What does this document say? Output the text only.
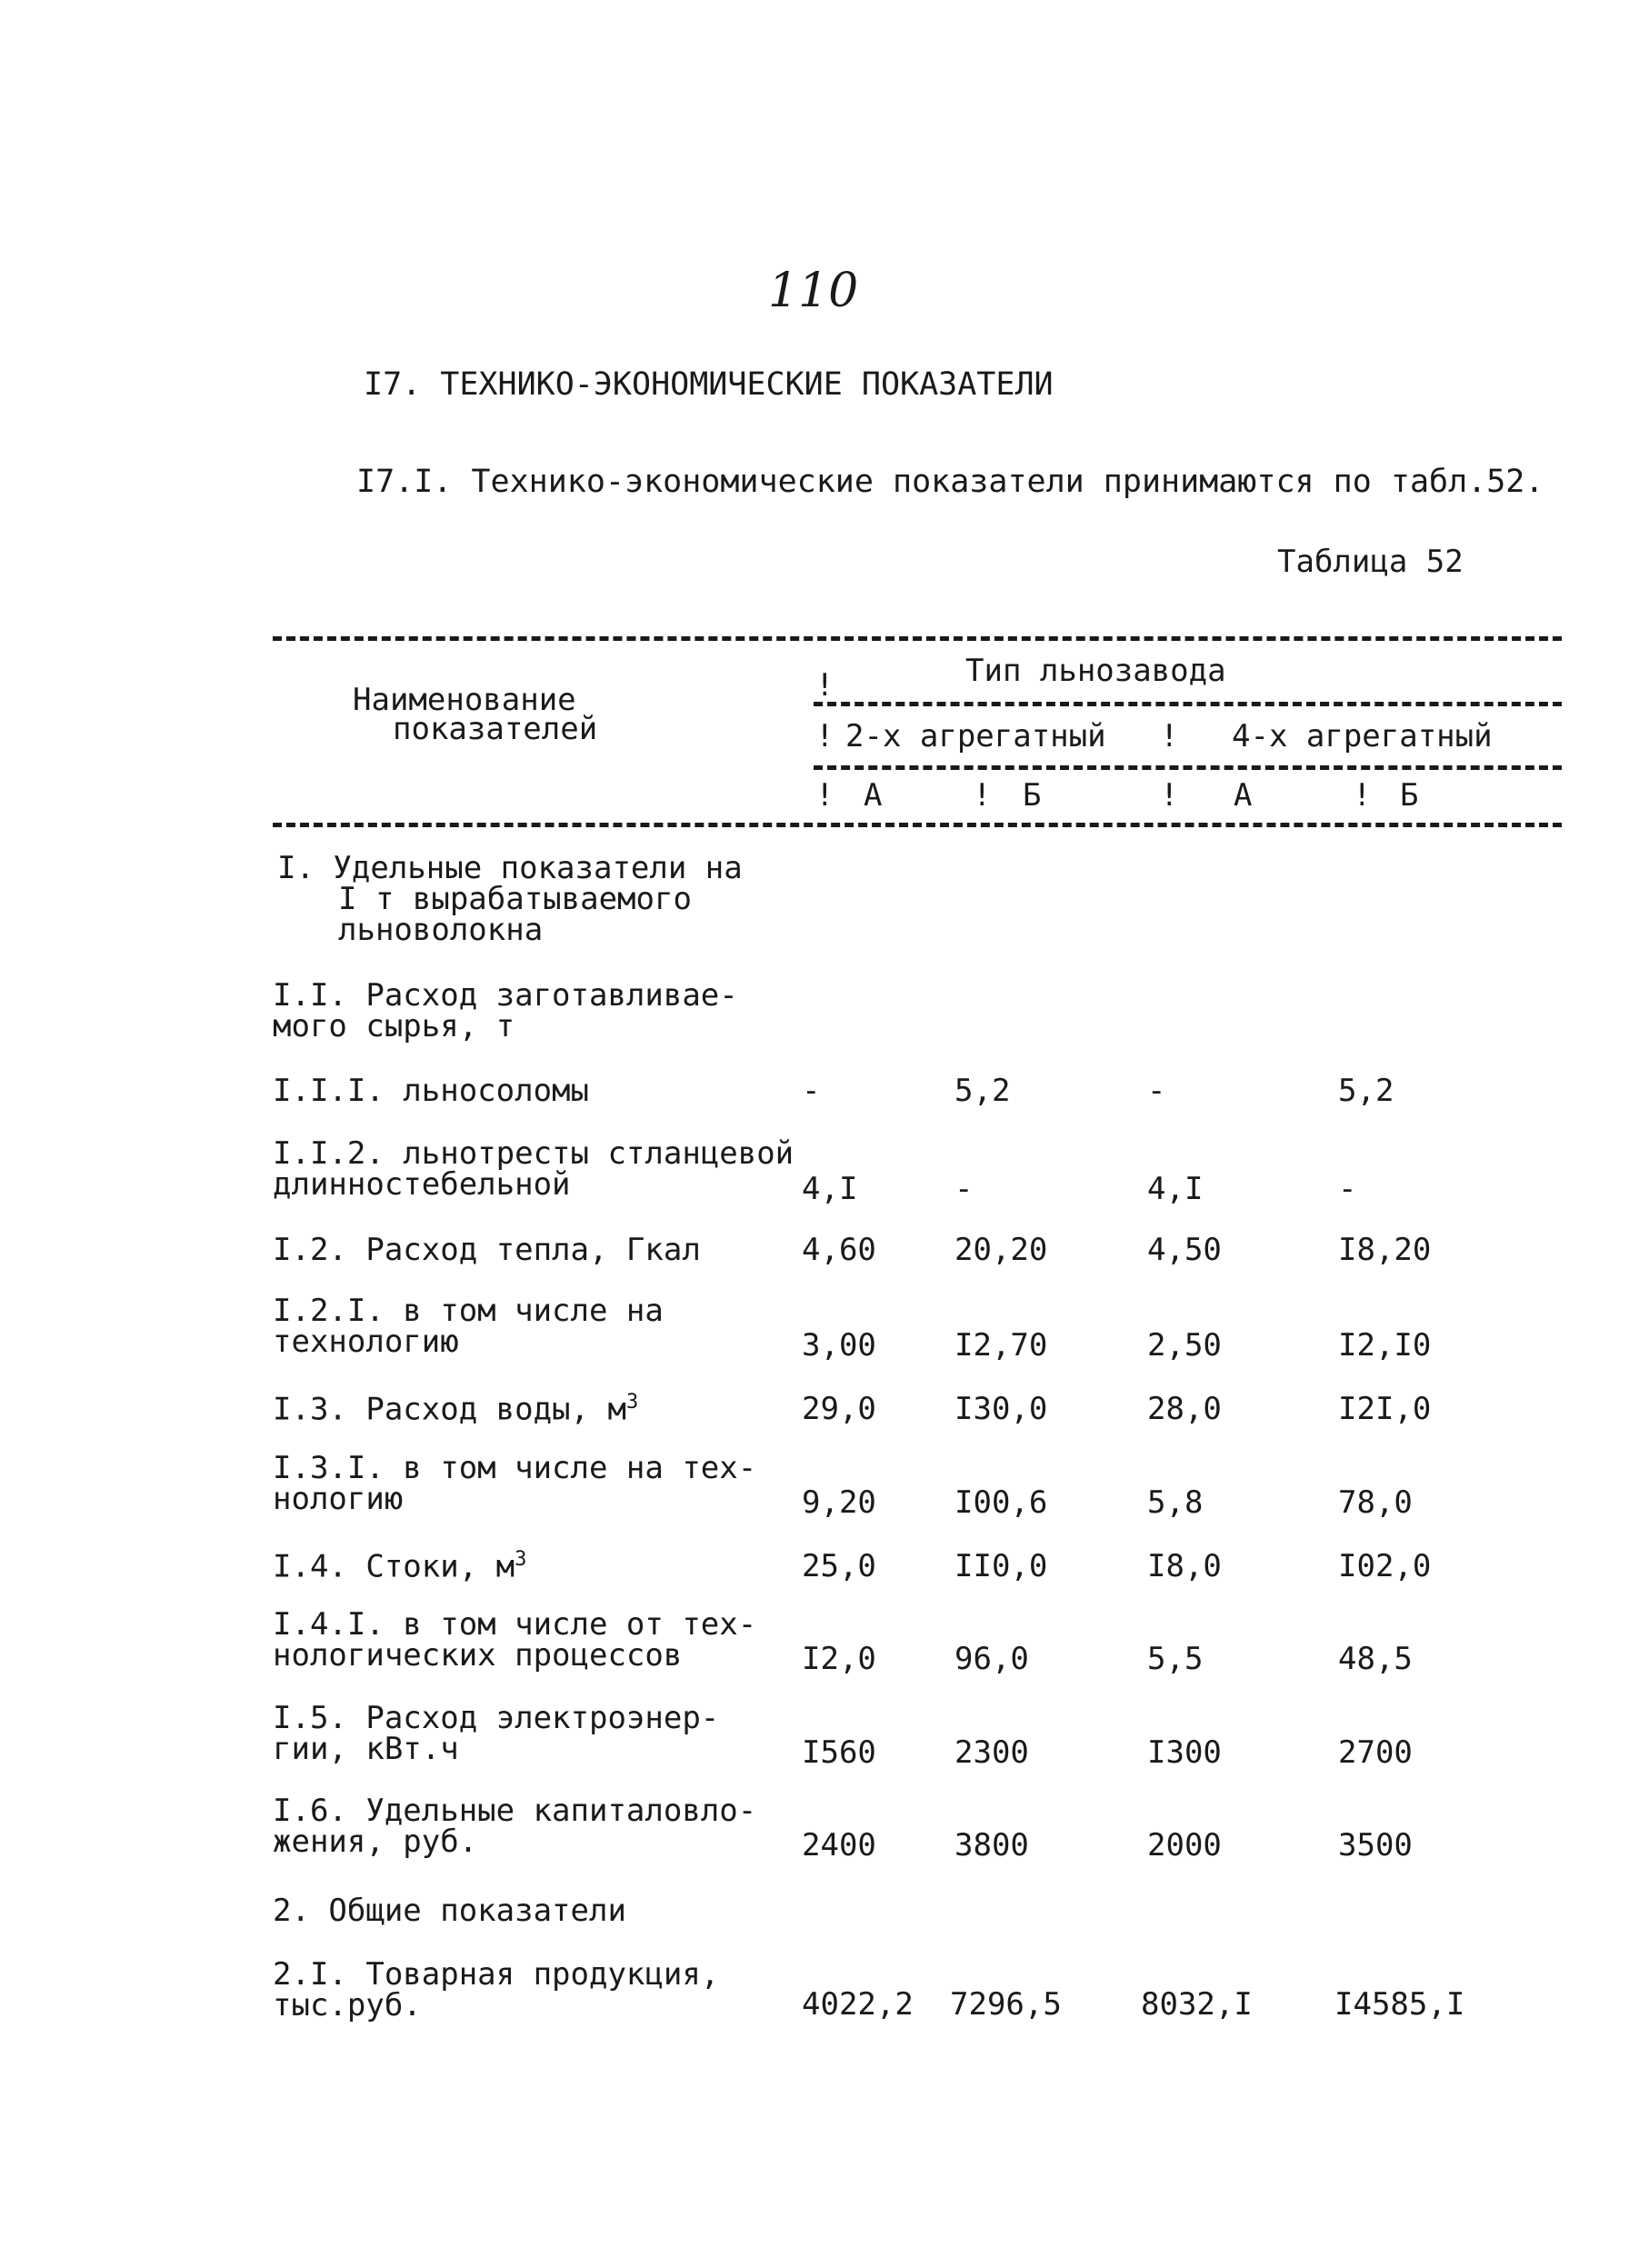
110
I7. ТЕХНИКО-ЭКОНОМИЧЕСКИЕ ПОКАЗАТЕЛИ
I7.I. Технико-экономические показатели принимаются по табл.52.
Таблица 52
Наименование
показателей
!	Тип льнозавода
! 2-х агрегатный ! 4-х агрегатный
! А	! Б	! А	! Б
I. Удельные показатели на
I т вырабатываемого
льноволокна
I.I. Расход заготавливае-
мого сырья, т
I.I.I. льносоломы	-	5,2	-	5,2
I.I.2. льнотресты стланцевой
длинностебельной	4,I	-	4,I	-
I.2. Расход тепла, Гкал	4,60	20,20	4,50	I8,20
I.2.I. в том числе на
технологию	3,00	I2,70	2,50	I2,I0
I.3. Расход воды, $м^3$	29,0	I30,0	28,0	I2I,0
I.3.I. в том числе на тех-
нологию	9,20	I00,6	5,8	78,0
I.4. Стоки, $м^3$	25,0	II0,0	I8,0	I02,0
I.4.I. в том числе от тех-
нологических процессов	I2,0	96,0	5,5	48,5
I.5. Расход электроэнер-
гии, кВт.ч	I560	2300	I300	2700
I.6. Удельные капиталовло-
жения, руб.	2400	3800	2000	3500
2. Общие показатели
2.I. Товарная продукция,
тыс.руб.	4022,2 7296,5	8032,I	I4585,I
